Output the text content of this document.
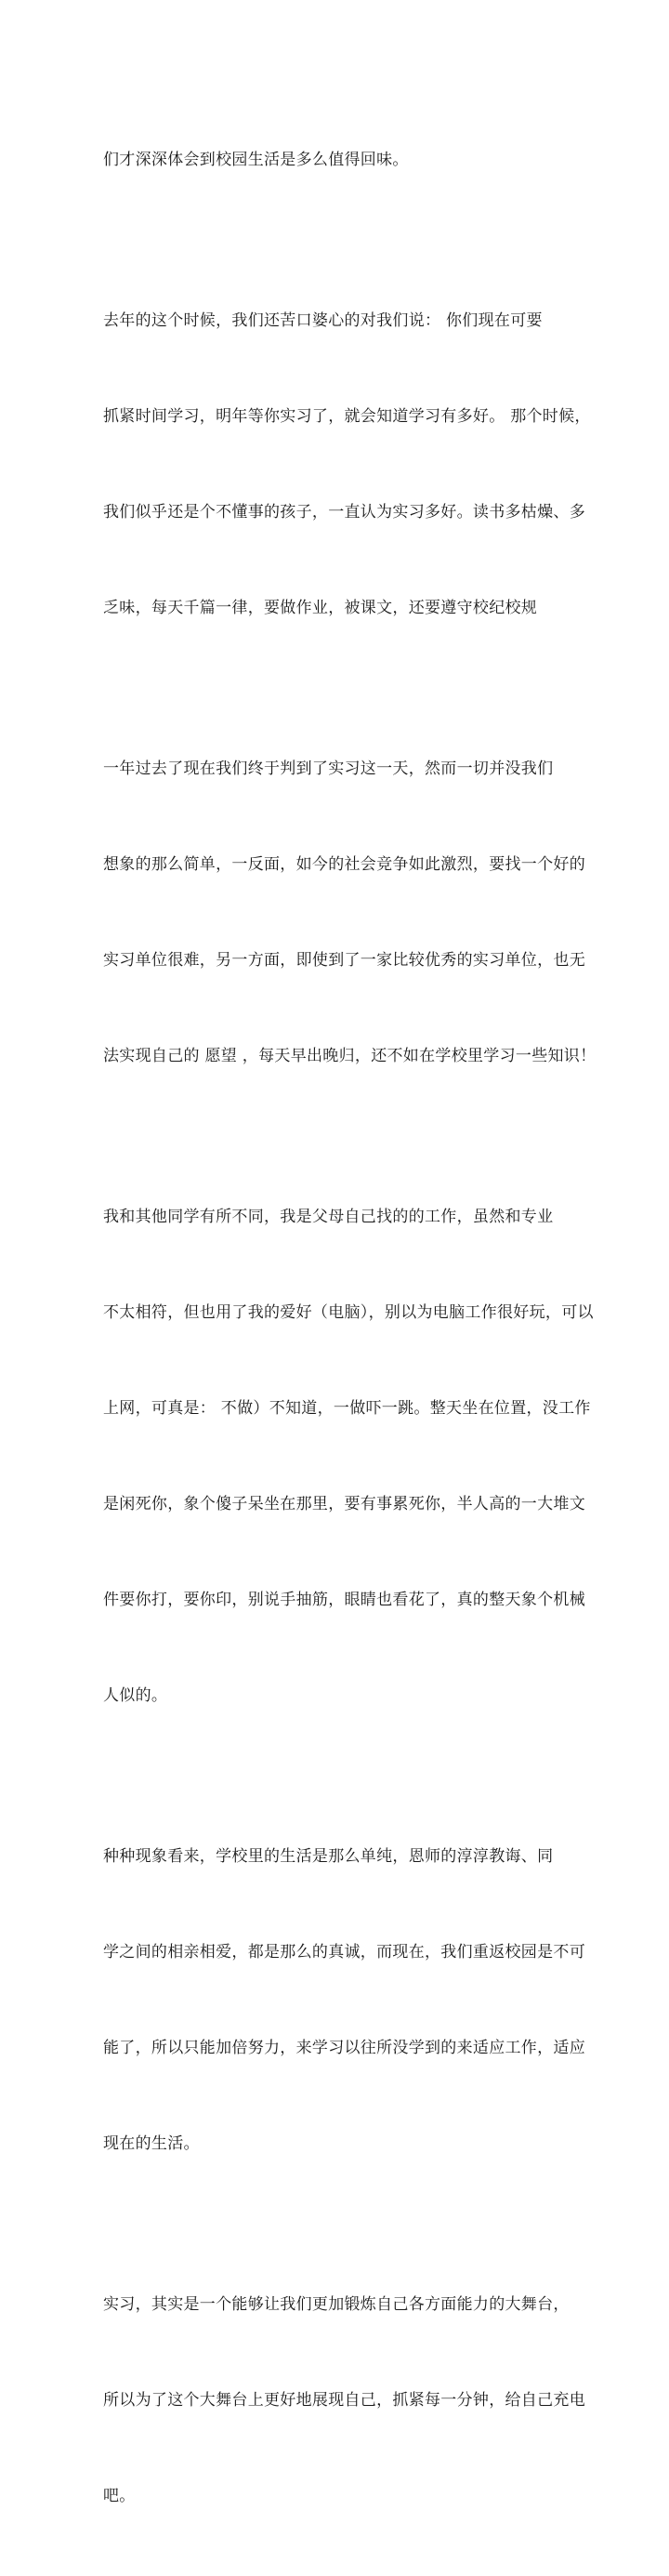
们才深深体会到校园生活是多么值得回味。

去年的这个时候，我们还苦口婆心的对我们说： 你们现在可要

抓紧时间学习，明年等你实习了，就会知道学习有多好。 那个时候，

我们似乎还是个不懂事的孩子，一直认为实习多好。读书多枯燥、多

乏味，每天千篇一律，要做作业，被课文，还要遵守校纪校规

一年过去了现在我们终于判到了实习这一天，然而一切并没我们

想象的那么简单，一反面，如今的社会竞争如此激烈，要找一个好的

实习单位很难，另一方面，即使到了一家比较优秀的实习单位，也无

法实现自己的 愿望 ，每天早出晚归，还不如在学校里学习一些知识！

我和其他同学有所不同，我是父母自己找的的工作，虽然和专业

不太相符，但也用了我的爱好（电脑），别以为电脑工作很好玩，可以

上网，可真是： 不做）不知道，一做吓一跳。整天坐在位置，没工作

是闲死你，象个傻子呆坐在那里，要有事累死你，半人高的一大堆文

件要你打，要你印，别说手抽筋，眼睛也看花了，真的整天象个机械

人似的。

种种现象看来，学校里的生活是那么单纯，恩师的淳淳教诲、同

学之间的相亲相爱，都是那么的真诚，而现在，我们重返校园是不可

能了，所以只能加倍努力，来学习以往所没学到的来适应工作，适应

现在的生活。

实习，其实是一个能够让我们更加锻炼自己各方面能力的大舞台，

所以为了这个大舞台上更好地展现自己，抓紧每一分钟，给自己充电

吧。
